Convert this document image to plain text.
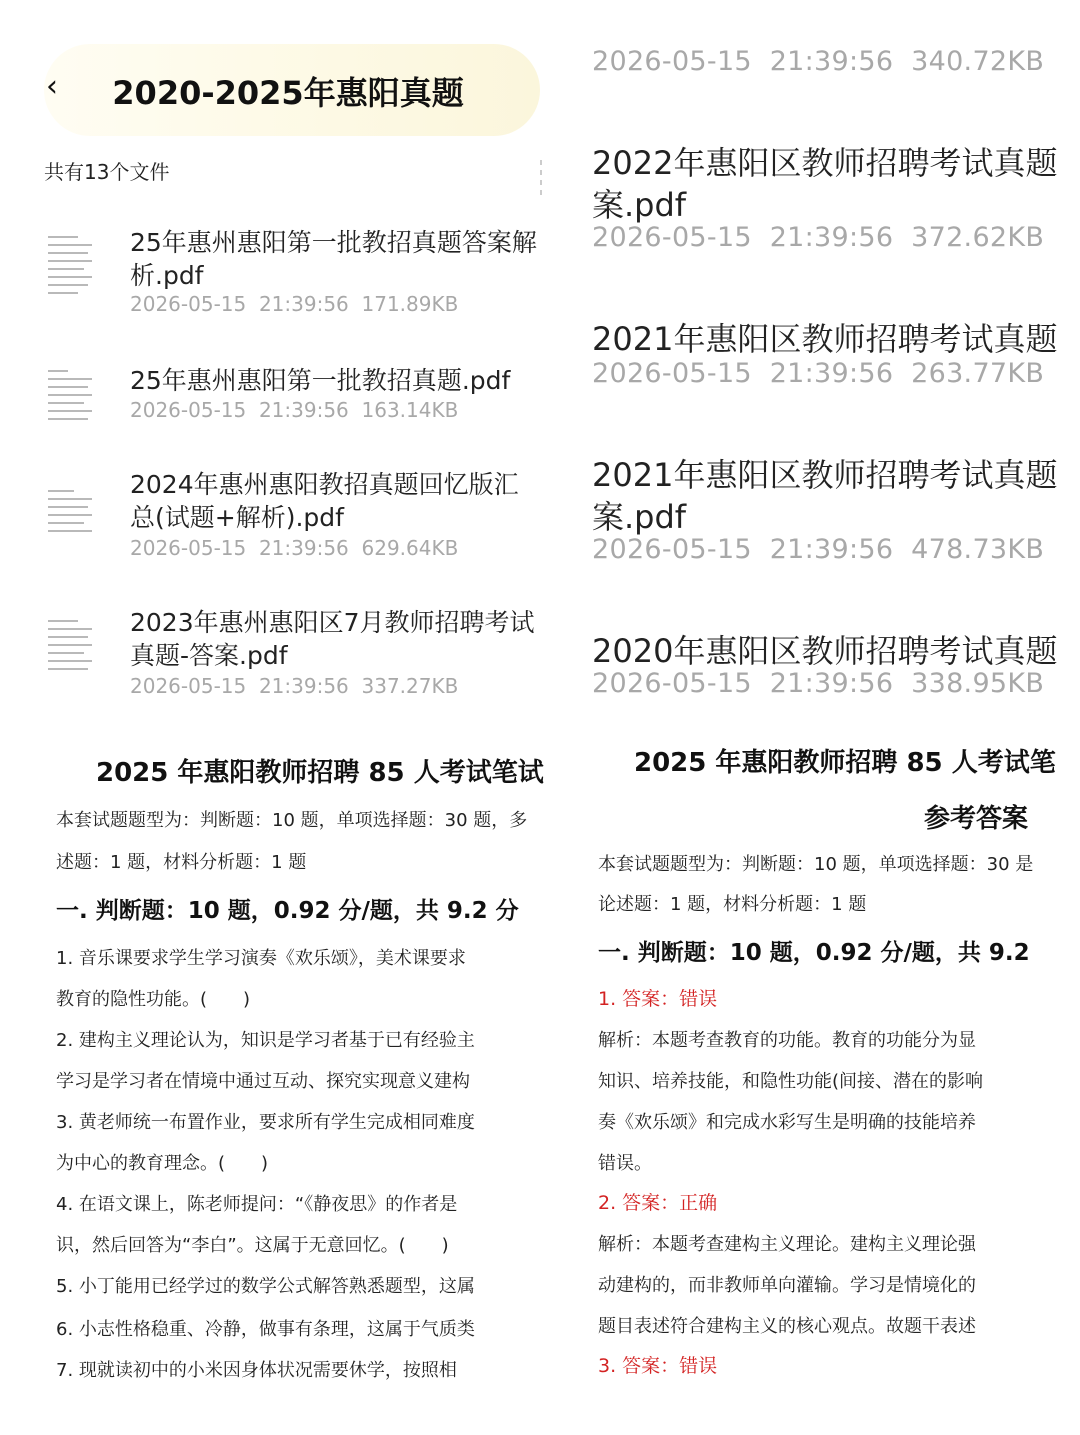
‹	2020-2025年惠阳真题
共有13个文件
25年惠州惠阳第一批教招真题答案解析.pdf
2026-05-15 21:39:56 171.89KB
25年惠州惠阳第一批教招真题.pdf
2026-05-15 21:39:56 163.14KB
2024年惠州惠阳教招真题回忆版汇总(试题+解析).pdf
2026-05-15 21:39:56 629.64KB
2023年惠州惠阳区7月教师招聘考试真题-答案.pdf
2026-05-15 21:39:56 337.27KB
2026-05-15 21:39:56 340.72KB
2022年惠阳区教师招聘考试真题
案.pdf
2026-05-15 21:39:56 372.62KB
2021年惠阳区教师招聘考试真题
2026-05-15 21:39:56 263.77KB
2021年惠阳区教师招聘考试真题
案.pdf
2026-05-15 21:39:56 478.73KB
2020年惠阳区教师招聘考试真题
2026-05-15 21:39:56 338.95KB
2025 年惠阳教师招聘 85 人考试笔试
本套试题题型为：判断题：10 题，单项选择题：30 题，多
述题：1 题，材料分析题：1 题
一. 判断题：10 题，0.92 分/题，共 9.2 分
1. 音乐课要求学生学习演奏《欢乐颂》，美术课要求
教育的隐性功能。(　　)
2. 建构主义理论认为，知识是学习者基于已有经验主
学习是学习者在情境中通过互动、探究实现意义建构
3. 黄老师统一布置作业，要求所有学生完成相同难度
为中心的教育理念。(　　)
4. 在语文课上，陈老师提问：“《静夜思》的作者是
识，然后回答为“李白”。这属于无意回忆。(　　)
5. 小丁能用已经学过的数学公式解答熟悉题型，这属
6. 小志性格稳重、冷静，做事有条理，这属于气质类
7. 现就读初中的小米因身体状况需要休学，按照相
2025 年惠阳教师招聘 85 人考试笔
参考答案
本套试题题型为：判断题：10 题，单项选择题：30 是
论述题：1 题，材料分析题：1 题
一. 判断题：10 题，0.92 分/题，共 9.2
1. 答案：错误
解析：本题考查教育的功能。教育的功能分为显
知识、培养技能，和隐性功能(间接、潜在的影响
奏《欢乐颂》和完成水彩写生是明确的技能培养
错误。
2. 答案：正确
解析：本题考查建构主义理论。建构主义理论强
动建构的，而非教师单向灌输。学习是情境化的
题目表述符合建构主义的核心观点。故题干表述
3. 答案：错误
